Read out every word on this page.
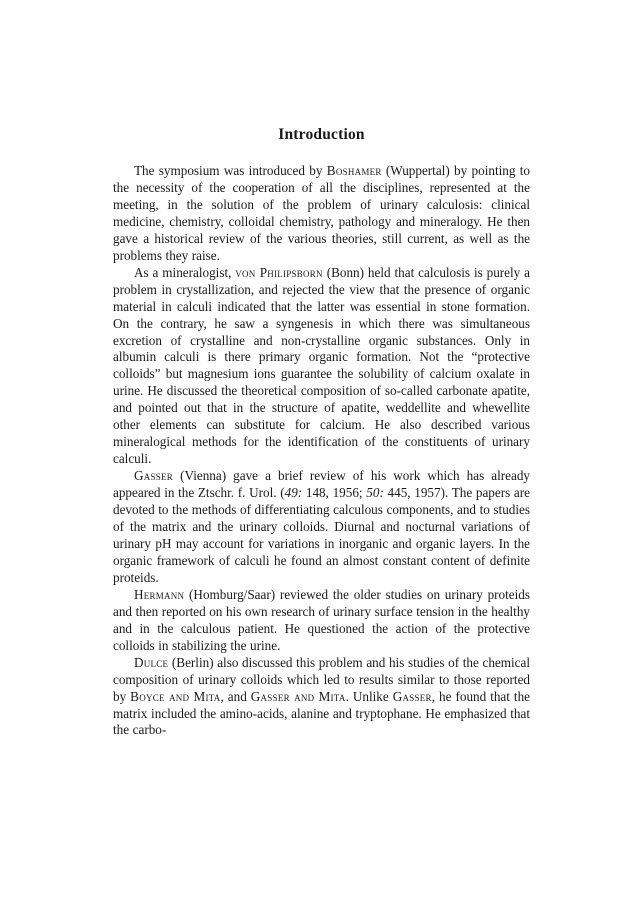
Introduction

The symposium was introduced by Boshamer (Wuppertal) by pointing to the necessity of the cooperation of all the disciplines, represented at the meeting, in the solution of the problem of urinary calculosis: clinical medicine, chemistry, colloidal chemistry, pathology and mineralogy. He then gave a historical review of the various theories, still current, as well as the problems they raise.

As a mineralogist, von Philipsborn (Bonn) held that calculosis is purely a problem in crystallization, and rejected the view that the presence of organic material in calculi indicated that the latter was essential in stone formation. On the contrary, he saw a syngenesis in which there was simultaneous excretion of crystalline and non-crystalline organic substances. Only in albumin calculi is there primary organic formation. Not the “protective colloids” but magnesium ions guarantee the solubility of calcium oxalate in urine. He discussed the theoretical composition of so-called carbonate apatite, and pointed out that in the structure of apatite, weddellite and whewellite other elements can substitute for calcium. He also described various mineralogical methods for the identification of the constituents of urinary calculi.

Gasser (Vienna) gave a brief review of his work which has already appeared in the Ztschr. f. Urol. (49: 148, 1956; 50: 445, 1957). The papers are devoted to the methods of differentiating calculous components, and to studies of the matrix and the urinary colloids. Diurnal and nocturnal variations of urinary pH may account for variations in inorganic and organic layers. In the organic framework of calculi he found an almost constant content of definite proteids.

Hermann (Homburg/Saar) reviewed the older studies on urinary proteids and then reported on his own research of urinary surface tension in the healthy and in the calculous patient. He questioned the action of the protective colloids in stabilizing the urine.

Dulce (Berlin) also discussed this problem and his studies of the chemical composition of urinary colloids which led to results similar to those reported by Boyce and Mita, and Gasser and Mita. Unlike Gasser, he found that the matrix included the amino-acids, alanine and tryptophane. He emphasized that the carbo-
